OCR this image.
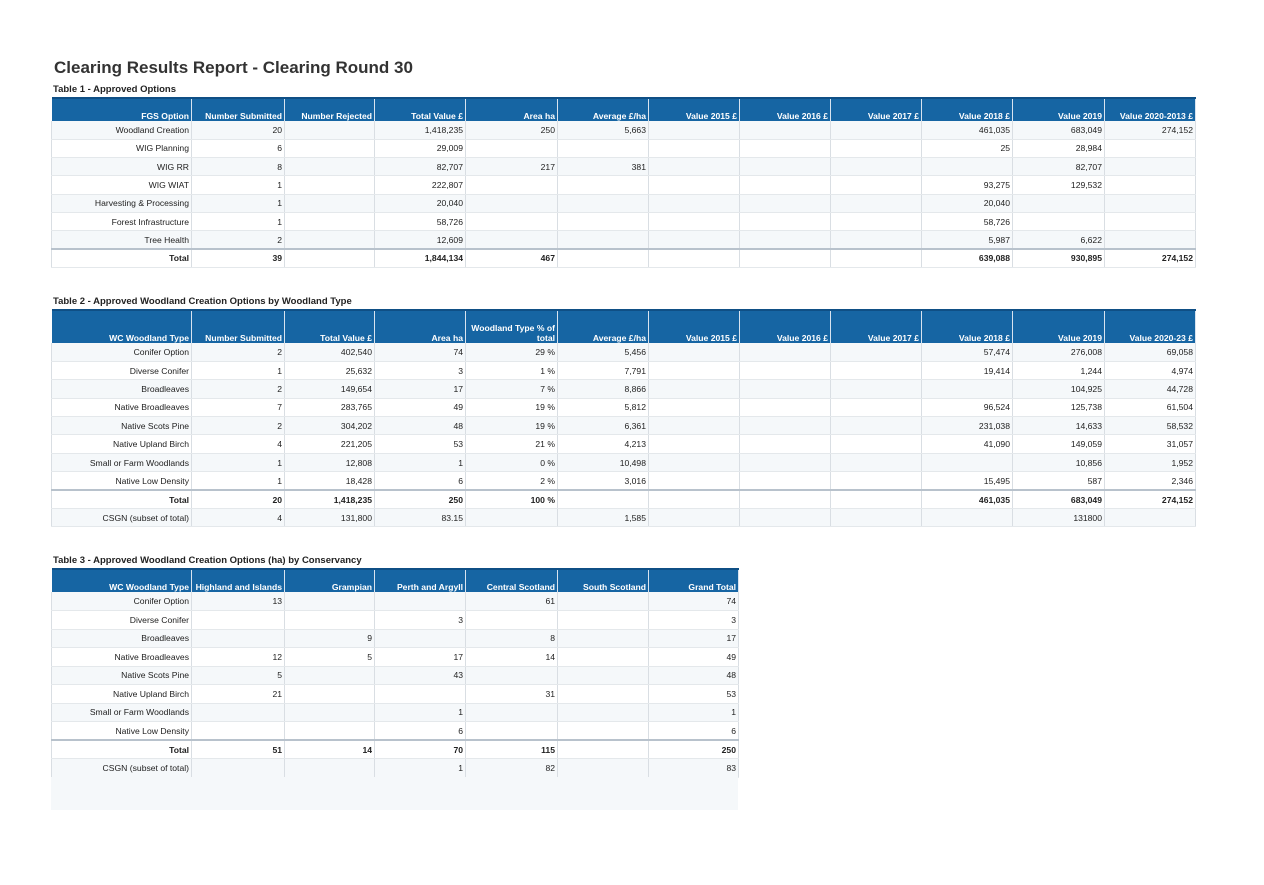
Clearing Results Report - Clearing Round 30
Table 1 - Approved Options
FGS Option	Number Submitted	Number Rejected	Total Value £	Area ha	Average £/ha	Value 2015 £	Value 2016 £	Value 2017 £	Value 2018 £	Value 2019	Value 2020-2013 £
Woodland Creation	20		1,418,235	250	5,663				461,035	683,049	274,152
WIG Planning	6		29,009						25	28,984	
WIG RR	8		82,707	217	381					82,707	
WIG WIAT	1		222,807						93,275	129,532	
Harvesting & Processing	1		20,040						20,040		
Forest Infrastructure	1		58,726						58,726		
Tree Health	2		12,609						5,987	6,622	
Total	39		1,844,134	467					639,088	930,895	274,152
Table 2 - Approved Woodland Creation Options by Woodland Type
WC Woodland Type	Number Submitted	Total Value £	Area ha	Woodland Type % of total	Average £/ha	Value 2015 £	Value 2016 £	Value 2017 £	Value 2018 £	Value 2019	Value 2020-23 £
Conifer Option	2	402,540	74	29 %	5,456				57,474	276,008	69,058
Diverse Conifer	1	25,632	3	1 %	7,791				19,414	1,244	4,974
Broadleaves	2	149,654	17	7 %	8,866					104,925	44,728
Native Broadleaves	7	283,765	49	19 %	5,812				96,524	125,738	61,504
Native Scots Pine	2	304,202	48	19 %	6,361				231,038	14,633	58,532
Native Upland Birch	4	221,205	53	21 %	4,213				41,090	149,059	31,057
Small or Farm Woodlands	1	12,808	1	0 %	10,498					10,856	1,952
Native Low Density	1	18,428	6	2 %	3,016				15,495	587	2,346
Total	20	1,418,235	250	100 %					461,035	683,049	274,152
CSGN (subset of total)	4	131,800	83.15		1,585					131800	
Table 3 - Approved Woodland Creation Options (ha) by Conservancy
WC Woodland Type	Highland and Islands	Grampian	Perth and Argyll	Central Scotland	South Scotland	Grand Total
Conifer Option	13			61		74
Diverse Conifer			3			3
Broadleaves		9		8		17
Native Broadleaves	12	5	17	14		49
Native Scots Pine	5		43			48
Native Upland Birch	21			31		53
Small or Farm Woodlands			1			1
Native Low Density			6			6
Total	51	14	70	115		250
CSGN (subset of total)			1	82		83
